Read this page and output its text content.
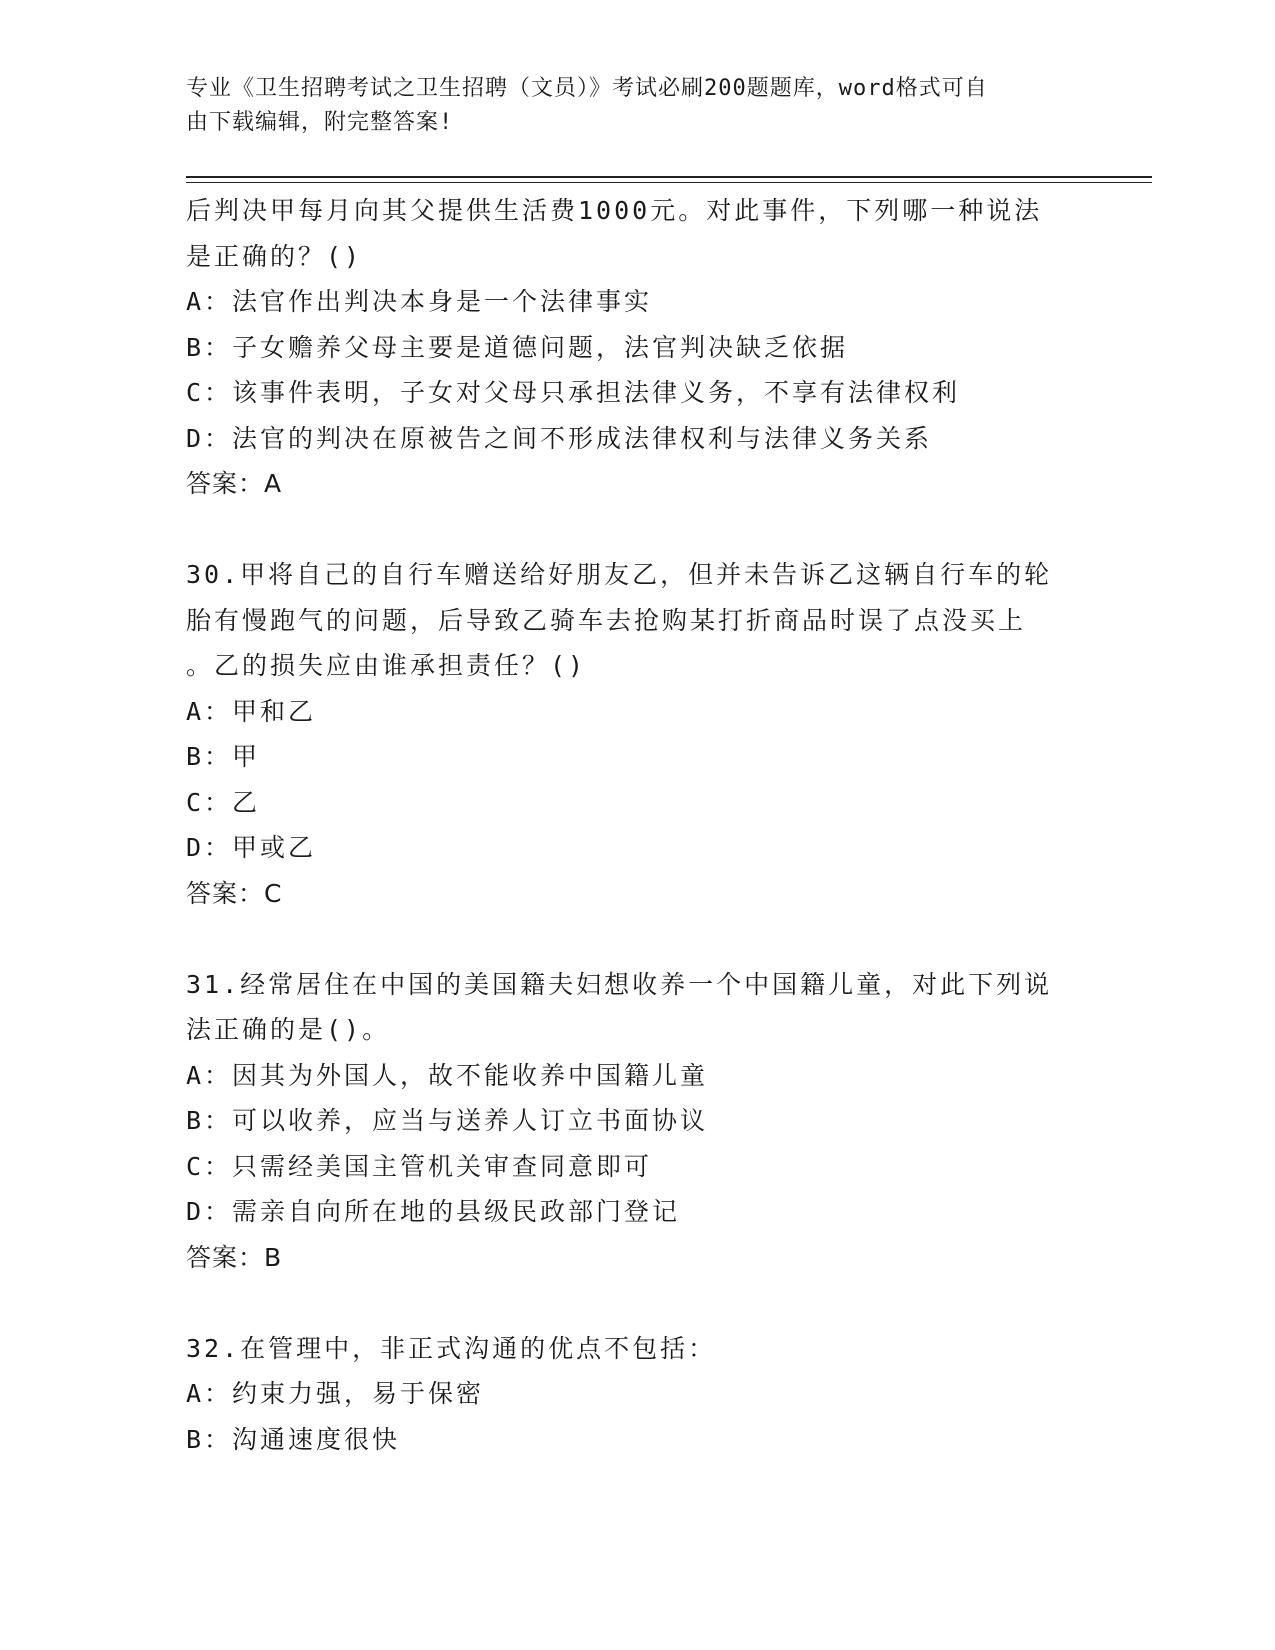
专业《卫生招聘考试之卫生招聘（文员）》考试必刷200题题库，word格式可自
由下载编辑，附完整答案!
后判决甲每月向其父提供生活费1000元。对此事件，下列哪一种说法
是正确的？()
A：法官作出判决本身是一个法律事实
B：子女赡养父母主要是道德问题，法官判决缺乏依据
C：该事件表明，子女对父母只承担法律义务，不享有法律权利
D：法官的判决在原被告之间不形成法律权利与法律义务关系
答案：A
30.甲将自己的自行车赠送给好朋友乙，但并未告诉乙这辆自行车的轮
胎有慢跑气的问题，后导致乙骑车去抢购某打折商品时误了点没买上
。乙的损失应由谁承担责任？()
A：甲和乙
B：甲
C：乙
D：甲或乙
答案：C
31.经常居住在中国的美国籍夫妇想收养一个中国籍儿童，对此下列说
法正确的是()。
A：因其为外国人，故不能收养中国籍儿童
B：可以收养，应当与送养人订立书面协议
C：只需经美国主管机关审查同意即可
D：需亲自向所在地的县级民政部门登记
答案：B
32.在管理中，非正式沟通的优点不包括：
A：约束力强，易于保密
B：沟通速度很快
